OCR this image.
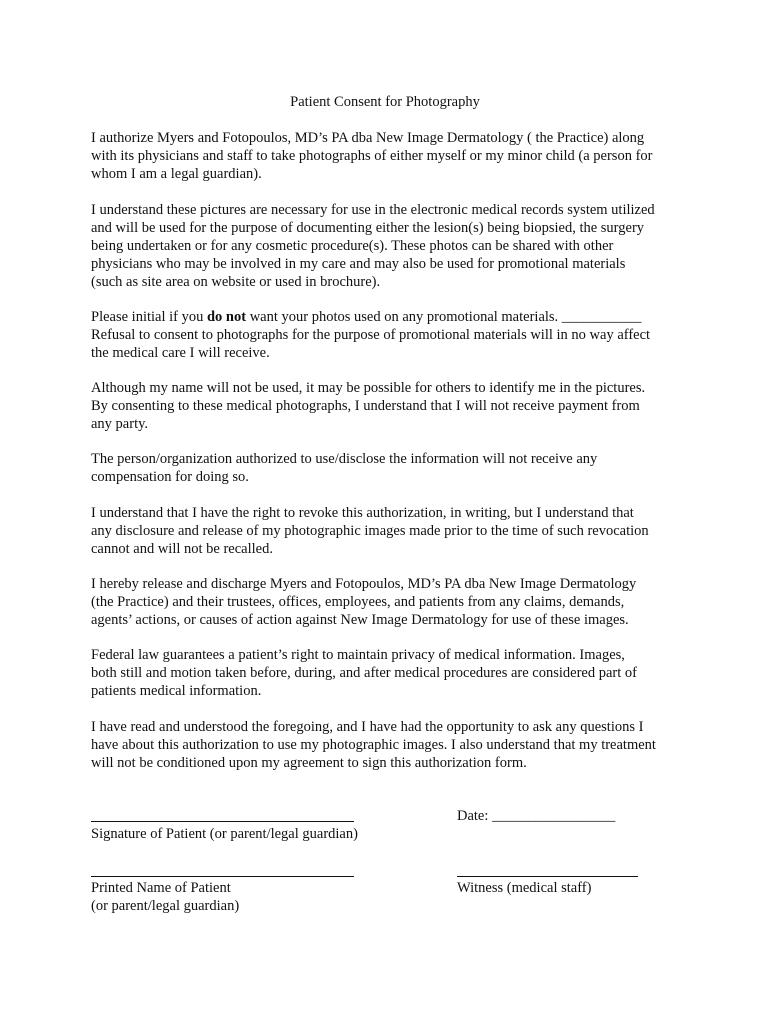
Patient Consent for Photography
I authorize Myers and Fotopoulos, MD’s PA dba New Image Dermatology ( the Practice) along
with its physicians and staff to take photographs of either myself or my minor child (a person for
whom I am a legal guardian).
I understand these pictures are necessary for use in the electronic medical records system utilized
and will be used for the purpose of documenting either the lesion(s) being biopsied, the surgery
being undertaken or for any cosmetic procedure(s). These photos can be shared with other
physicians who may be involved in my care and may also be used for promotional materials
(such as site area on website or used in brochure).
Please initial if you do not want your photos used on any promotional materials. ___________
Refusal to consent to photographs for the purpose of promotional materials will in no way affect
the medical care I will receive.
Although my name will not be used, it may be possible for others to identify me in the pictures.
By consenting to these medical photographs, I understand that I will not receive payment from
any party.
The person/organization authorized to use/disclose the information will not receive any
compensation for doing so.
I understand that I have the right to revoke this authorization, in writing, but I understand that
any disclosure and release of my photographic images made prior to the time of such revocation
cannot and will not be recalled.
I hereby release and discharge Myers and Fotopoulos, MD’s PA dba New Image Dermatology
(the Practice) and their trustees, offices, employees, and patients from any claims, demands,
agents’ actions, or causes of action against New Image Dermatology for use of these images.
Federal law guarantees a patient’s right to maintain privacy of medical information. Images,
both still and motion taken before, during, and after medical procedures are considered part of
patients medical information.
I have read and understood the foregoing, and I have had the opportunity to ask any questions I
have about this authorization to use my photographic images. I also understand that my treatment
will not be conditioned upon my agreement to sign this authorization form.
Signature of Patient (or parent/legal guardian)
Date: _________________
Printed Name of Patient
(or parent/legal guardian)
Witness (medical staff)
